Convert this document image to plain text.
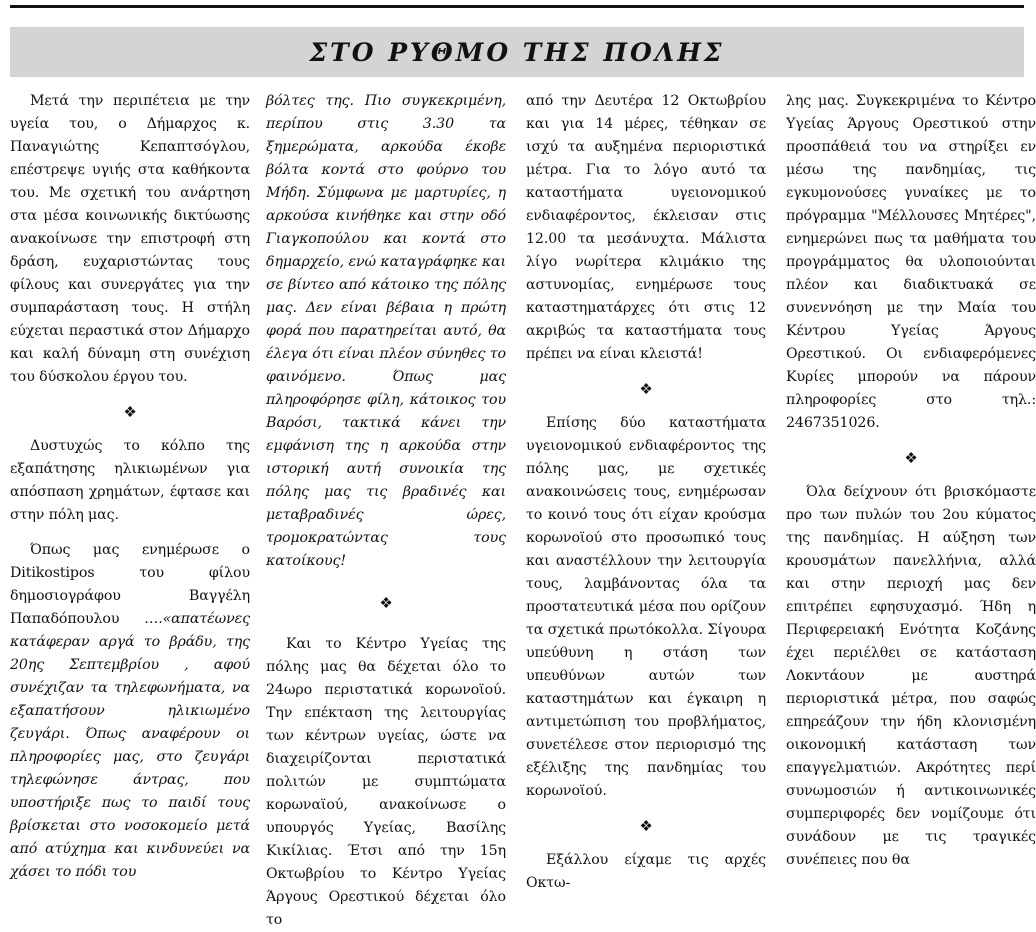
ΣΤΟ ΡΥΘΜΟ ΤΗΣ ΠΟΛΗΣ

Μετά την περιπέτεια με την υγεία του, ο Δήμαρχος κ. Παναγιώτης Κεπαπτσόγλου, επέστρεψε υγιής στα καθήκοντα του. Με σχετική του ανάρτηση στα μέσα κοινωνικής δικτύωσης ανακοίνωσε την επιστροφή στη δράση, ευχαριστώντας τους φίλους και συνεργάτες για την συμπαράσταση τους. Η στήλη εύχεται περαστικά στον Δήμαρχο και καλή δύναμη στη συνέχιση του δύσκολου έργου του.

❖

Δυστυχώς το κόλπο της εξαπάτησης ηλικιωμένων για απόσπαση χρημάτων, έφτασε και στην πόλη μας.

Όπως μας ενημέρωσε ο Ditikostipos του φίλου δημοσιογράφου Βαγγέλη Παπαδόπουλου ….«απατέωνες κατάφεραν αργά το βράδυ, της 20ης Σεπτεμβρίου , αφού συνέχιζαν τα τηλεφωνήματα, να εξαπατήσουν ηλικιωμένο ζευγάρι. Όπως αναφέρουν οι πληροφορίες μας, στο ζευγάρι τηλεφώνησε άντρας, που υποστήριξε πως το παιδί τους βρίσκεται στο νοσοκομείο μετά από ατύχημα και κινδυνεύει να χάσει το πόδι του

βόλτες της. Πιο συγκεκριμένη, περίπου στις 3.30 τα ξημερώματα, αρκούδα έκοβε βόλτα κοντά στο φούρνο του Μήδη. Σύμφωνα με μαρτυρίες, η αρκούσα κινήθηκε και στην οδό Γιαγκοπούλου και κοντά στο δημαρχείο, ενώ καταγράφηκε και σε βίντεο από κάτοικο της πόλης μας. Δεν είναι βέβαια η πρώτη φορά που παρατηρείται αυτό, θα έλεγα ότι είναι πλέον σύνηθες το φαινόμενο. Όπως μας πληροφόρησε φίλη, κάτοικος του Βαρόσι, τακτικά κάνει την εμφάνιση της η αρκούδα στην ιστορική αυτή συνοικία της πόλης μας τις βραδινές και μεταβραδινές ώρες, τρομοκρατώντας τους κατοίκους!

❖

Και το Κέντρο Υγείας της πόλης μας θα δέχεται όλο το 24ωρο περιστατικά κορωνοϊού. Την επέκταση της λειτουργίας των κέντρων υγείας, ώστε να διαχειρίζονται περιστατικά πολιτών με συμπτώματα κορωναϊού, ανακοίνωσε ο υπουργός Υγείας, Βασίλης Κικίλιας. Έτσι από την 15η Οκτωβρίου το Κέντρο Υγείας Άργους Ορεστικού δέχεται όλο το

από την Δευτέρα 12 Οκτωβρίου και για 14 μέρες, τέθηκαν σε ισχύ τα αυξημένα περιοριστικά μέτρα. Για το λόγο αυτό τα καταστήματα υγειονομικού ενδιαφέροντος, έκλεισαν στις 12.00 τα μεσάνυχτα. Μάλιστα λίγο νωρίτερα κλιμάκιο της αστυνομίας, ενημέρωσε τους καταστηματάρχες ότι στις 12 ακριβώς τα καταστήματα τους πρέπει να είναι κλειστά!

❖

Επίσης δύο καταστήματα υγειονομικού ενδιαφέροντος της πόλης μας, με σχετικές ανακοινώσεις τους, ενημέρωσαν το κοινό τους ότι είχαν κρούσμα κορωνοϊού στο προσωπικό τους και αναστέλλουν την λειτουργία τους, λαμβάνοντας όλα τα προστατευτικά μέσα που ορίζουν τα σχετικά πρωτόκολλα. Σίγουρα υπεύθυνη η στάση των υπευθύνων αυτών των καταστημάτων και έγκαιρη η αντιμετώπιση του προβλήματος, συνετέλεσε στον περιορισμό της εξέλιξης της πανδημίας του κορωνοϊού.

❖

Εξάλλου είχαμε τις αρχές Οκτω-

λης μας. Συγκεκριμένα το Κέντρο Υγείας Άργους Ορεστικού στην προσπάθειά του να στηρίξει εν μέσω της πανδημίας, τις εγκυμονούσες γυναίκες με το πρόγραμμα "Μέλλουσες Μητέρες", ενημερώνει πως τα μαθήματα του προγράμματος θα υλοποιούνται πλέον και διαδικτυακά σε συνεννόηση με την Μαία του Κέντρου Υγείας Άργους Ορεστικού. Οι ενδιαφερόμενες Κυρίες μπορούν να πάρουν πληροφορίες στο τηλ.: 2467351026.

❖

Όλα δείχνουν ότι βρισκόμαστε προ των πυλών του 2ου κύματος της πανδημίας. Η αύξηση των κρουσμάτων πανελλήνια, αλλά και στην περιοχή μας δεν επιτρέπει εφησυχασμό. Ήδη η Περιφερειακή Ενότητα Κοζάνης έχει περιέλθει σε κατάσταση Λοκντάουν με αυστηρά περιοριστικά μέτρα, που σαφώς επηρεάζουν την ήδη κλονισμένη οικονομική κατάσταση των επαγγελματιών. Ακρότητες περί συνωμοσιών ή αντικοινωνικές συμπεριφορές δεν νομίζουμε ότι συνάδουν με τις τραγικές συνέπειες που θα
